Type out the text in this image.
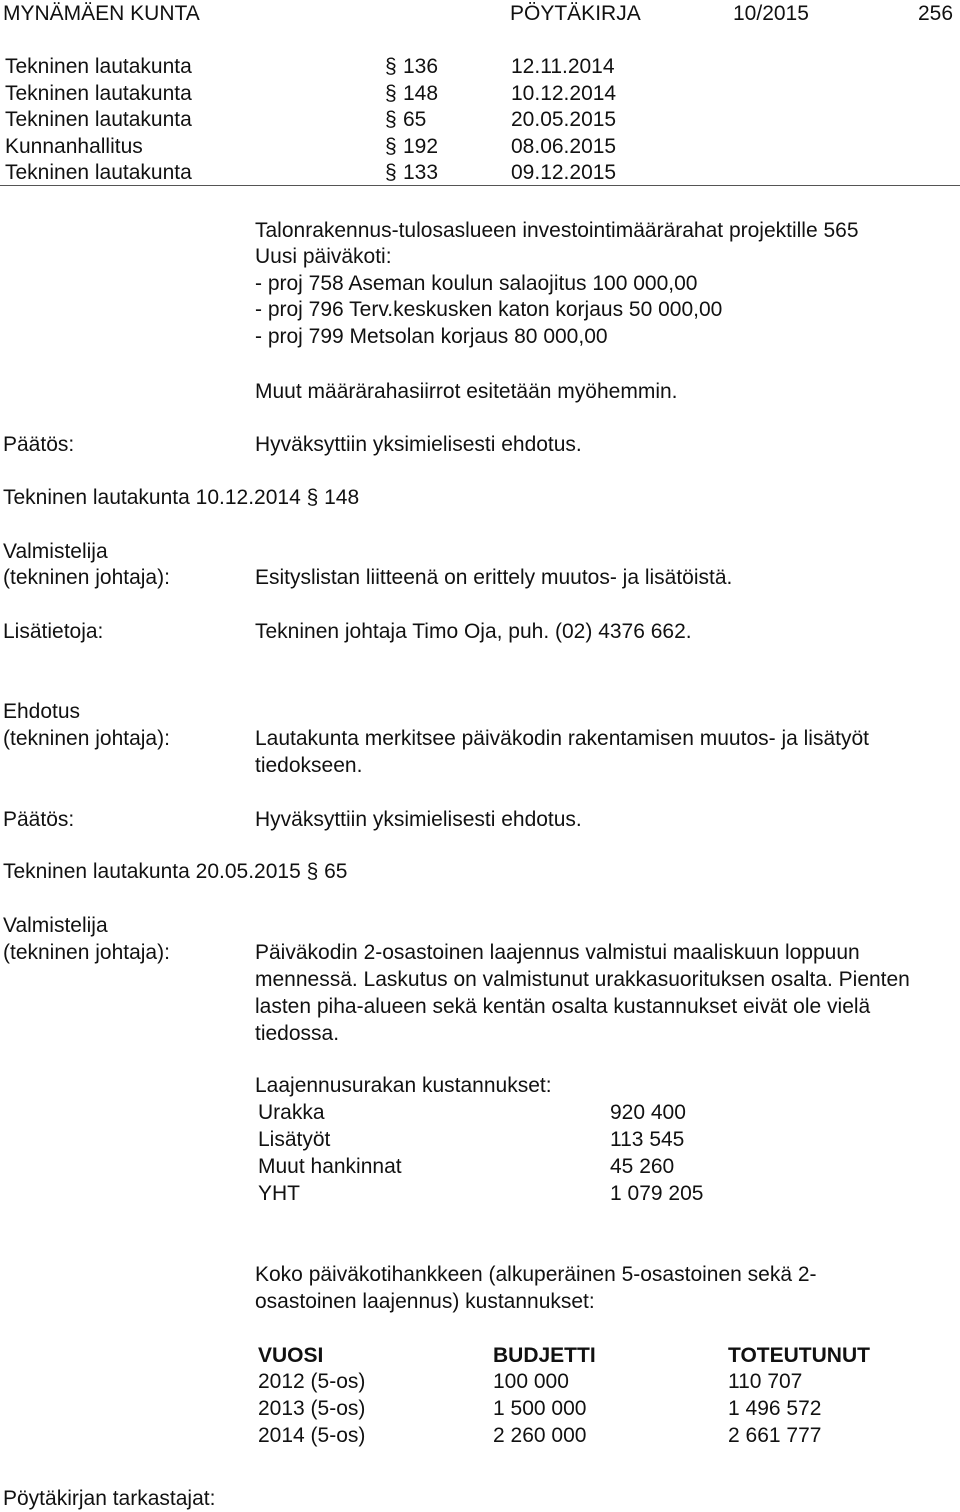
MYNÄMÄEN KUNTA	PÖYTÄKIRJA	10/2015	256
Tekninen lautakunta	§ 136	12.11.2014
Tekninen lautakunta	§ 148	10.12.2014
Tekninen lautakunta	§ 65	20.05.2015
Kunnanhallitus	§ 192	08.06.2015
Tekninen lautakunta	§ 133	09.12.2015
Talonrakennus-tulosaslueen investointimäärärahat projektille 565
Uusi päiväkoti:
- proj 758 Aseman koulun salaojitus 100 000,00
- proj 796 Terv.keskusken katon korjaus 50 000,00
- proj 799 Metsolan korjaus 80 000,00
Muut määrärahasiirrot esitetään myöhemmin.
Päätös:	Hyväksyttiin yksimielisesti ehdotus.
Tekninen lautakunta 10.12.2014 § 148
Valmistelija
(tekninen johtaja):	Esityslistan liitteenä on erittely muutos- ja lisätöistä.
Lisätietoja:	Tekninen johtaja Timo Oja, puh. (02) 4376 662.
Ehdotus
(tekninen johtaja):	Lautakunta merkitsee päiväkodin rakentamisen muutos- ja lisätyöt tiedokseen.
Päätös:	Hyväksyttiin yksimielisesti ehdotus.
Tekninen lautakunta 20.05.2015 § 65
Valmistelija
(tekninen johtaja):	Päiväkodin 2-osastoinen laajennus valmistui maaliskuun loppuun mennessä. Laskutus on valmistunut urakkasuorituksen osalta. Pienten lasten piha-alueen sekä kentän osalta kustannukset eivät ole vielä tiedossa.
Laajennusurakan kustannukset:
Urakka	920 400
Lisätyöt	113 545
Muut hankinnat	45 260
YHT	1 079 205
Koko päiväkotihankkeen (alkuperäinen 5-osastoinen sekä 2-osastoinen laajennus) kustannukset:
VUOSI	BUDJETTI	TOTEUTUNUT
2012 (5-os)	100 000	110 707
2013 (5-os)	1 500 000	1 496 572
2014 (5-os)	2 260 000	2 661 777
Pöytäkirjan tarkastajat:
